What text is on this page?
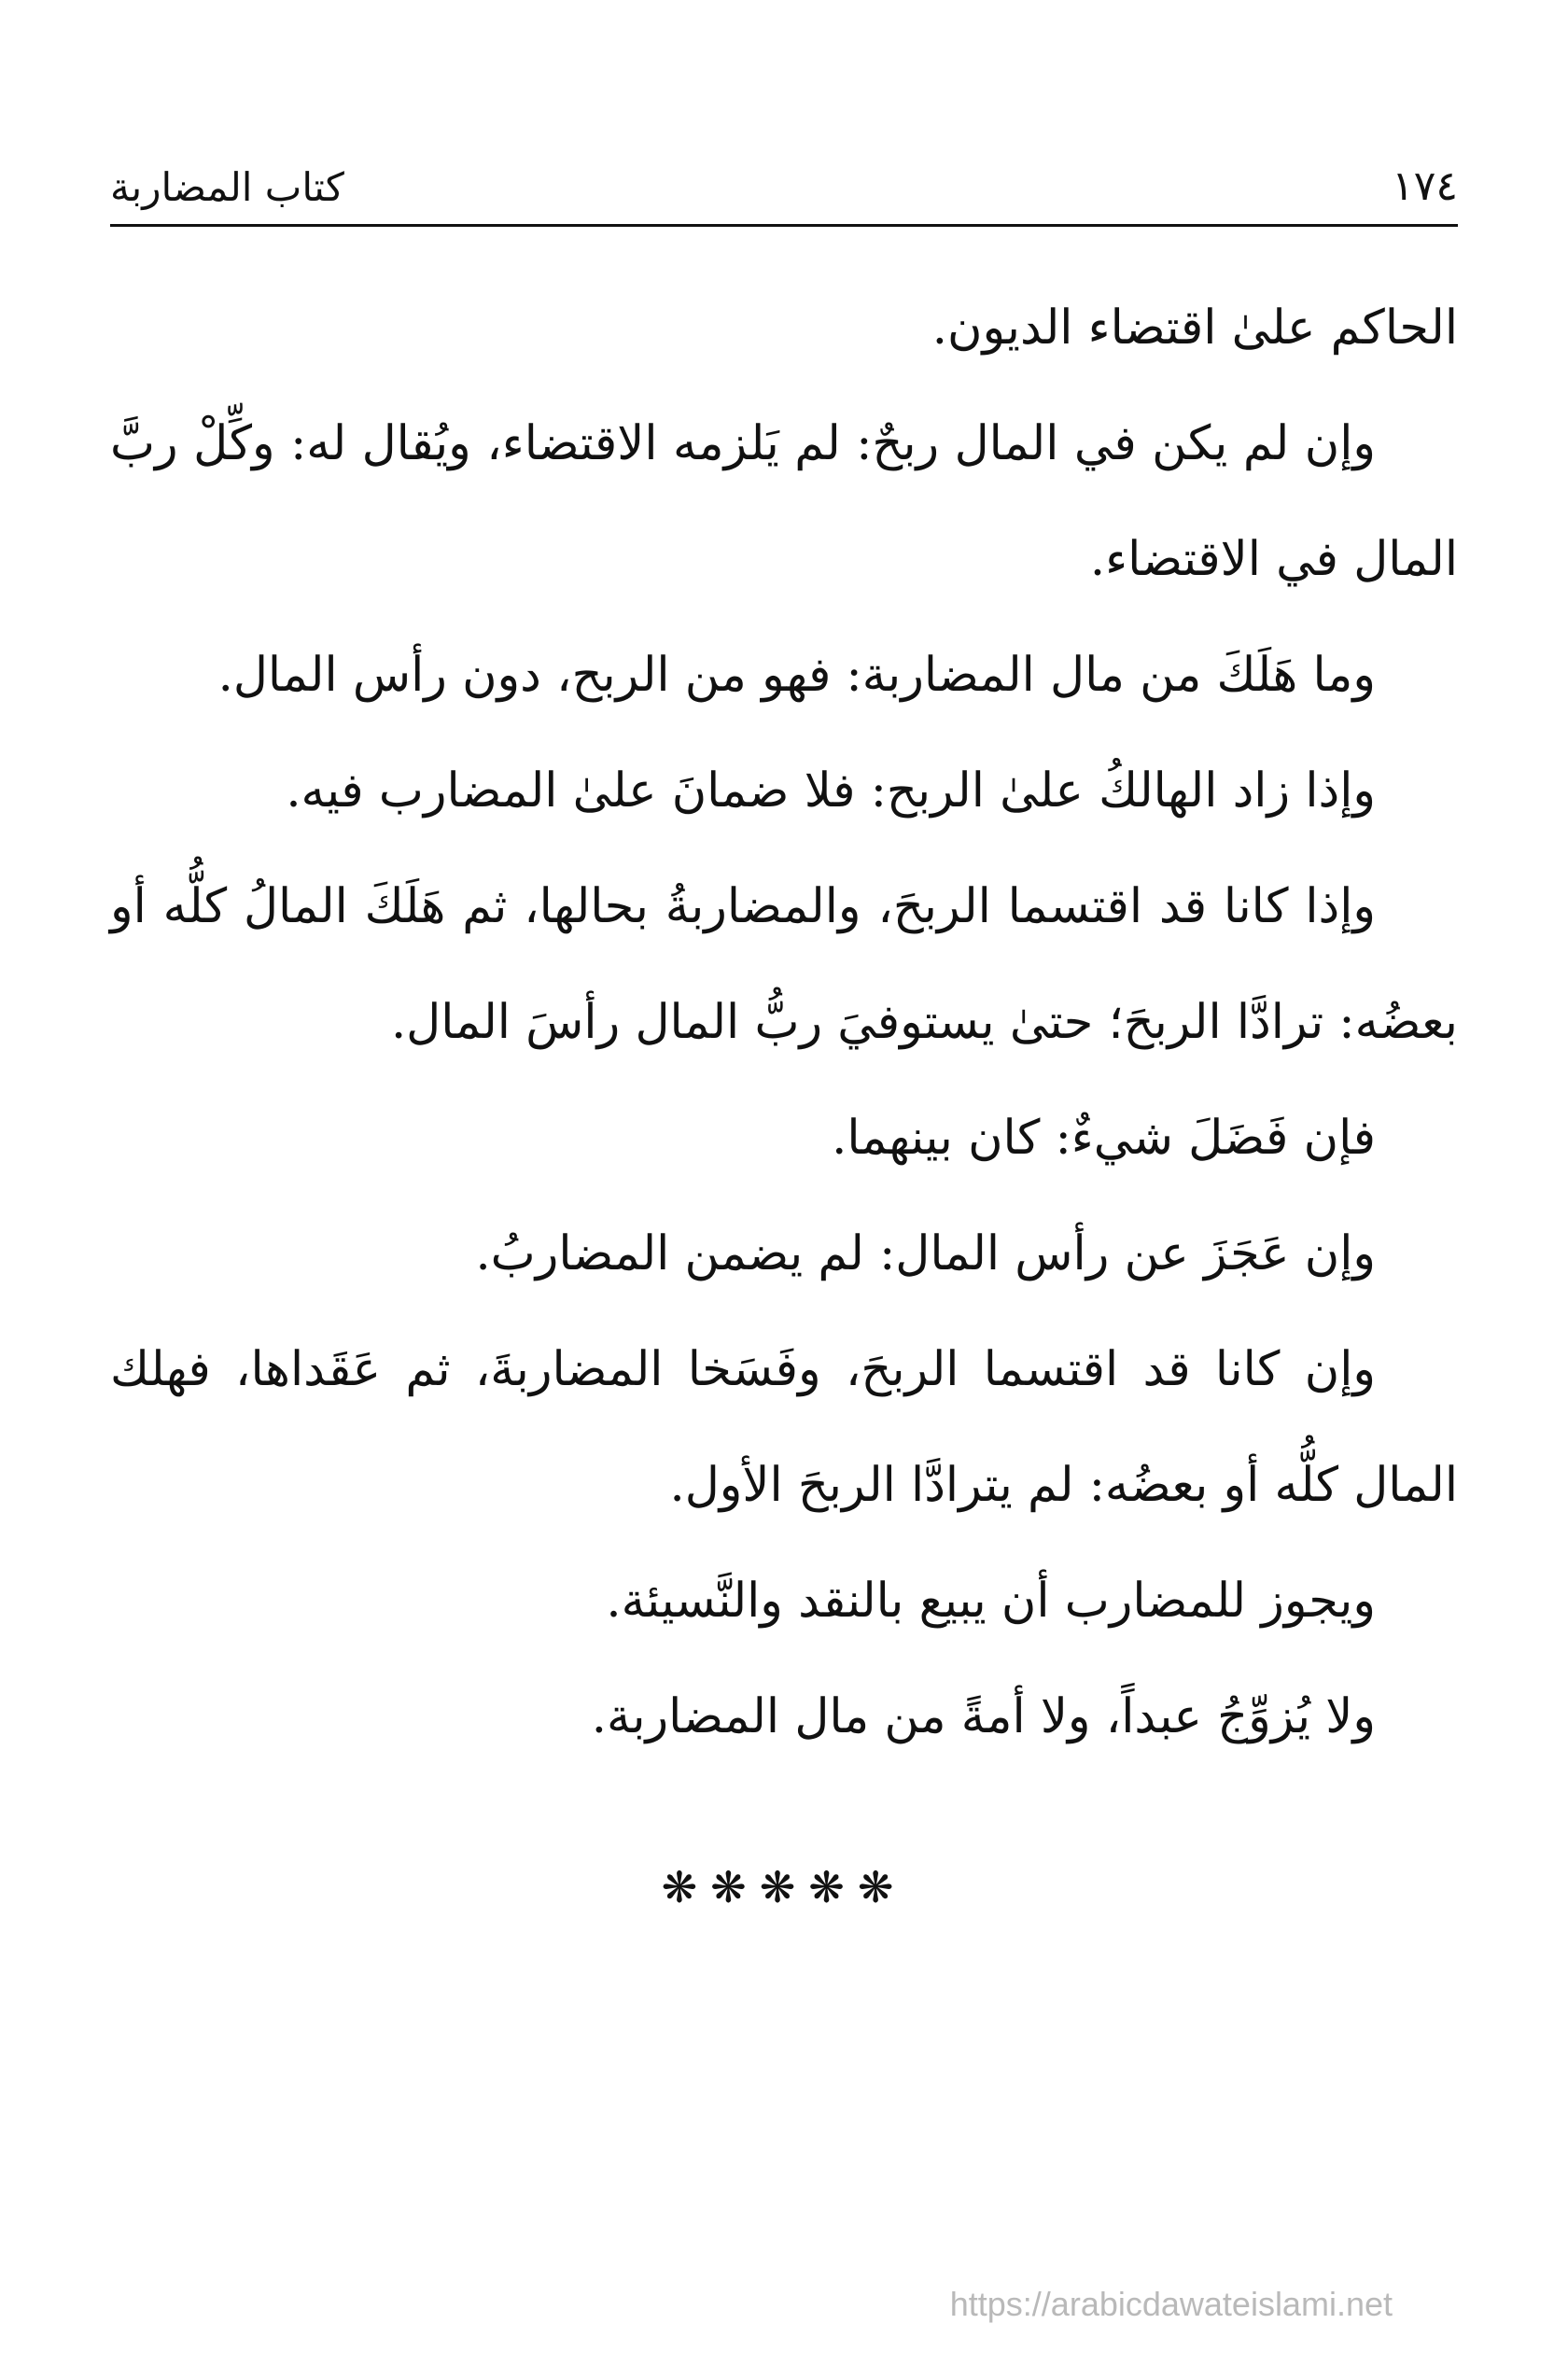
١٧٤
كتاب المضاربة

الحاكم علىٰ اقتضاء الديون.

وإن لم يكن في المال ربحٌ: لم يَلزمه الاقتضاء، ويُقال له: وكِّلْ ربَّ المال في الاقتضاء.

وما هَلَكَ من مال المضاربة: فهو من الربح، دون رأس المال.

وإذا زاد الهالكُ علىٰ الربح: فلا ضمانَ علىٰ المضارب فيه.

وإذا كانا قد اقتسما الربحَ، والمضاربةُ بحالها، ثم هَلَكَ المالُ كلُّه أو بعضُه: ترادَّا الربحَ؛ حتىٰ يستوفيَ ربُّ المال رأسَ المال.

فإن فَضَلَ شيءٌ: كان بينهما.

وإن عَجَزَ عن رأس المال: لم يضمن المضاربُ.

وإن كانا قد اقتسما الربحَ، وفَسَخا المضاربةَ، ثم عَقَداها، فهلك المال كلُّه أو بعضُه: لم يترادَّا الربحَ الأول.

ويجوز للمضارب أن يبيع بالنقد والنَّسيئة.

ولا يُزوِّجُ عبداً، ولا أمةً من مال المضاربة.

❋❋❋❋❋
https://arabicdawateislami.net
